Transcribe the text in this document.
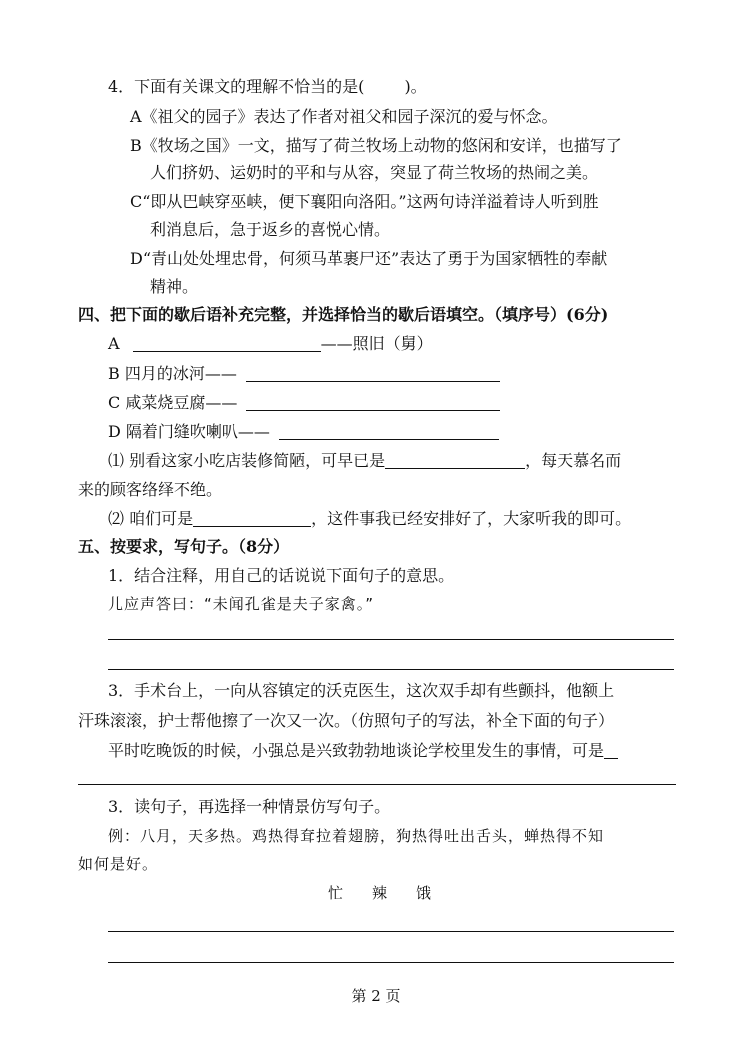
4．下面有关课文的理解不恰当的是(	)。
A《祖父的园子》表达了作者对祖父和园子深沉的爱与怀念。
B《牧场之国》一文，描写了荷兰牧场上动物的悠闲和安详，也描写了
人们挤奶、运奶时的平和与从容，突显了荷兰牧场的热闹之美。
C“即从巴峡穿巫峡，便下襄阳向洛阳。”这两句诗洋溢着诗人听到胜
利消息后，急于返乡的喜悦心情。
D“青山处处埋忠骨，何须马革裹尸还”表达了勇于为国家牺牲的奉献
精神。
四、把下面的歇后语补充完整，并选择恰当的歇后语填空。（填序号）(6分)
A	——照旧（舅）
B 四月的冰河——
C 咸菜烧豆腐——
D 隔着门缝吹喇叭——
⑴ 别看这家小吃店装修简陋，可早已是	，每天慕名而
来的顾客络绎不绝。
⑵ 咱们可是	，这件事我已经安排好了，大家听我的即可。
五、按要求，写句子。（8分）
1．结合注释，用自己的话说说下面句子的意思。
儿应声答曰：“未闻孔雀是夫子家禽。”
3．手术台上，一向从容镇定的沃克医生，这次双手却有些颤抖，他额上
汗珠滚滚，护士帮他擦了一次又一次。（仿照句子的写法，补全下面的句子）
平时吃晚饭的时候，小强总是兴致勃勃地谈论学校里发生的事情，可是
3．读句子，再选择一种情景仿写句子。
例：八月，天多热。鸡热得耷拉着翅膀，狗热得吐出舌头，蝉热得不知
如何是好。
忙 辣 饿
第 2 页
